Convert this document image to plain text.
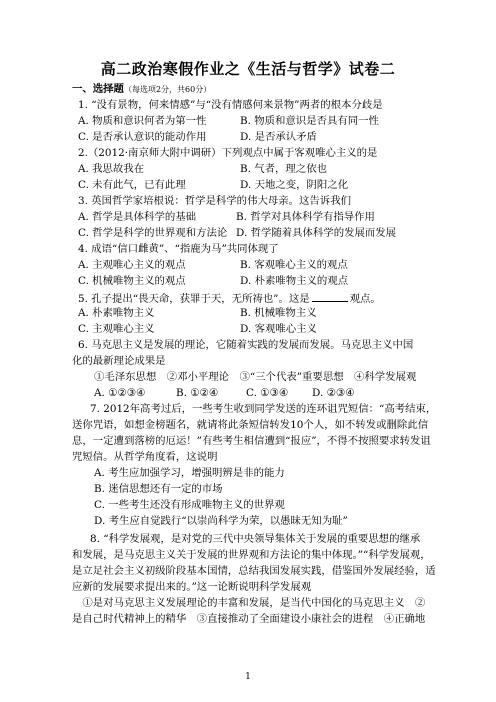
高二政治寒假作业之《生活与哲学》试卷二
一、选择题（每选项2分，共60分）
1. “没有景物，何来情感”与“没有情感何来景物”两者的根本分歧是
A. 物质和意识何者为第一性	B. 物质和意识是否具有同一性
C. 是否承认意识的能动作用	D. 是否承认矛盾
2.（2012·南京师大附中调研）下列观点中属于客观唯心主义的是
A. 我思故我在	B. 气者，理之依也
C. 未有此气，已有此理	D. 天地之变，阴阳之化
3. 英国哲学家培根说：哲学是科学的伟大母亲。这告诉我们
A. 哲学是具体科学的基础	B. 哲学对具体科学有指导作用
C. 哲学是科学的世界观和方法论 D. 哲学随着具体科学的发展而发展
4. 成语“信口雌黄”、“指鹿为马”共同体现了
A. 主观唯心主义的观点	B. 客观唯心主义的观点
C. 机械唯物主义的观点	D. 朴素唯物主义的观点
5. 孔子提出“畏天命，获罪于天，无所祷也”。这是	观点。
A. 朴素唯物主义	B. 机械唯物主义
C. 主观唯心主义	D. 客观唯心主义
6. 马克思主义是发展的理论，它随着实践的发展而发展。马克思主义中国
化的最新理论成果是
①毛泽东思想　②邓小平理论　③“三个代表”重要思想　④科学发展观
A. ①②③④	B. ①②④	C. ①③④ D. ②③④
7. 2012年高考过后，一些考生收到同学发送的连环诅咒短信：“高考结束，
送你咒语，如想金榜题名，就请将此条短信转发10个人，如不转发或删除此信
息，一定遭到落榜的厄运！”有些考生相信遭到“报应”，不得不按照要求转发诅
咒短信。从哲学角度看，这说明
A. 考生应加强学习，增强明辨是非的能力
B. 迷信思想还有一定的市场
C. 一些考生还没有形成唯物主义的世界观
D. 考生应自觉践行“以崇尚科学为荣，以愚昧无知为耻”
8. “科学发展观，是对党的三代中央领导集体关于发展的重要思想的继承
和发展，是马克思主义关于发展的世界观和方法论的集中体现。”“科学发展观，
是立足社会主义初级阶段基本国情，总结我国发展实践，借鉴国外发展经验，适
应新的发展要求提出来的。”这一论断说明科学发展观
　①是对马克思主义发展理论的丰富和发展，是当代中国化的马克思主义　②
是自己时代精神上的精华　③直接推动了全面建设小康社会的进程　④正确地
1
